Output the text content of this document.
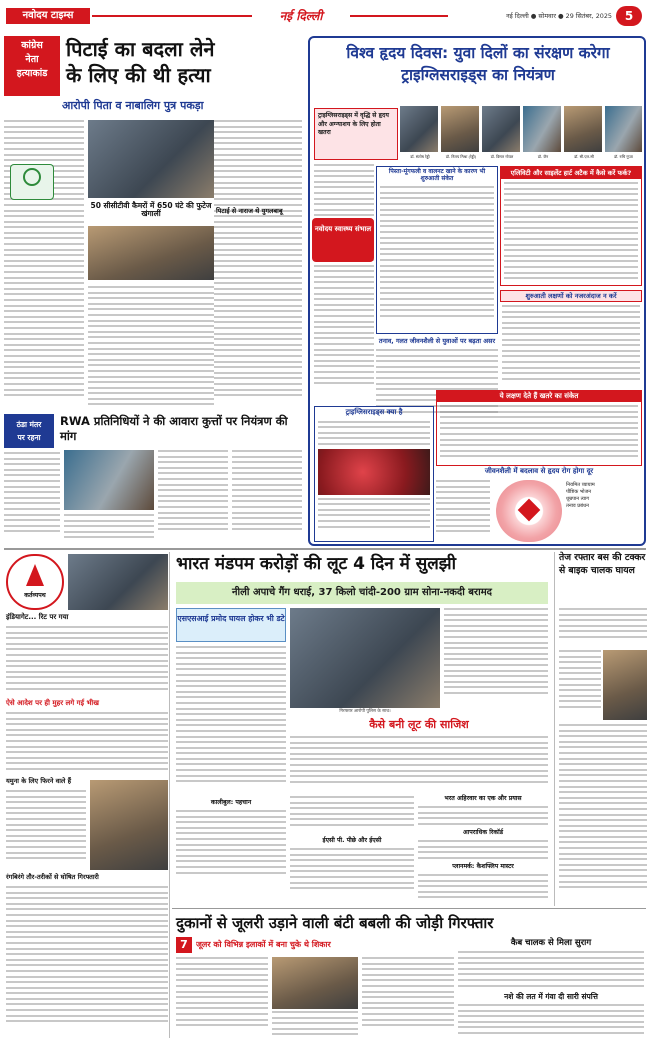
नवोदय टाइम्स	नई दिल्ली	नई दिल्ली ● सोमवार ● 29 सितंबर, 2025	5
कांग्रेस
नेता
हत्याकांड
पिटाई का बदला लेने
के लिए की थी हत्या
आरोपी पिता व नाबालिग पुत्र पकड़ा
50 सीसीटीवी कैमरों में 650 घंटे की फुटेज खंगालीं	पिटाई से नाराज थे युगलबाबू
विश्व हृदय दिवस: युवा दिलों का संरक्षण करेगा ट्राइग्लिसराइड्स का नियंत्रण
ट्राइग्लिसराइड्स में वृद्धि से हृदय और अग्न्याशय के लिए होता खतरा
डॉ. संतोष रेड्डी	डॉ. निलय मिश्रा (रेड्डी)	डॉ. विमल गोयल	डॉ. जैन	डॉ. सी.एल.सी	डॉ. रुचि गुप्ता
नवोदय स्वास्थ्य संभाल
पिस्ता-मूंगफली व वालनट खाने के कारण भी शुरुआती संकेत
एलिविटी और साइलेंट हार्ट अटैक में कैसे करें फर्क?
तनाव, गलत जीवनशैली से युवाओं पर बढ़ता असर
शुरुआती लक्षणों को नजरअंदाज न करें
ट्राइग्लिसराइड्स क्या है
ये लक्षण देते हैं खतरे का संकेत
जीवनशैली में बदलाव से हृदय रोग होगा दूर
नियमित व्यायाम
पौष्टिक भोजन
धूम्रपान त्याग
तनाव प्रबंधन
ठंडा मंतर
पर रहना
RWA प्रतिनिधियों ने की आवारा कुत्तों पर नियंत्रण की मांग
कर्तव्यपथ
इंडियागेट... रिट पर गया
ऐसे आदेश पर ही मुहर लगे गई भीख
यमुना के लिए फिरने वाले हैं
रंगबिरंगे तौर-तरीकों से घोषित गिरफ्तारी
भारत मंडपम करोड़ों की लूट 4 दिन में सुलझी
नीली अपाचे गैंग धराई, 37 किलो चांदी-200 ग्राम सोना-नकदी बरामद
एसएसआई प्रमोद घायल होकर भी डटे
गिरफ्तार आरोपी पुलिस के साथ।
कैसे बनी लूट की साजिश
कालीबुल: पहचान
ईएसी पी. पीछे और ईएसी
भरत अहिरवार का एक और प्रयास
आपराधिक रिकॉर्ड
प्लानमर्क: कैशफ्लिप मास्टर
तेज रफ्तार बस की टक्कर से बाइक चालक घायल
दुकानों से जूलरी उड़ाने वाली बंटी बबली की जोड़ी गिरफ्तार
7	जूलर को विभिन्न इलाकों में बना चुके थे शिकार	कैब चालक से मिला सुराग
नशे की लत में गंवा दी सारी संपत्ति
